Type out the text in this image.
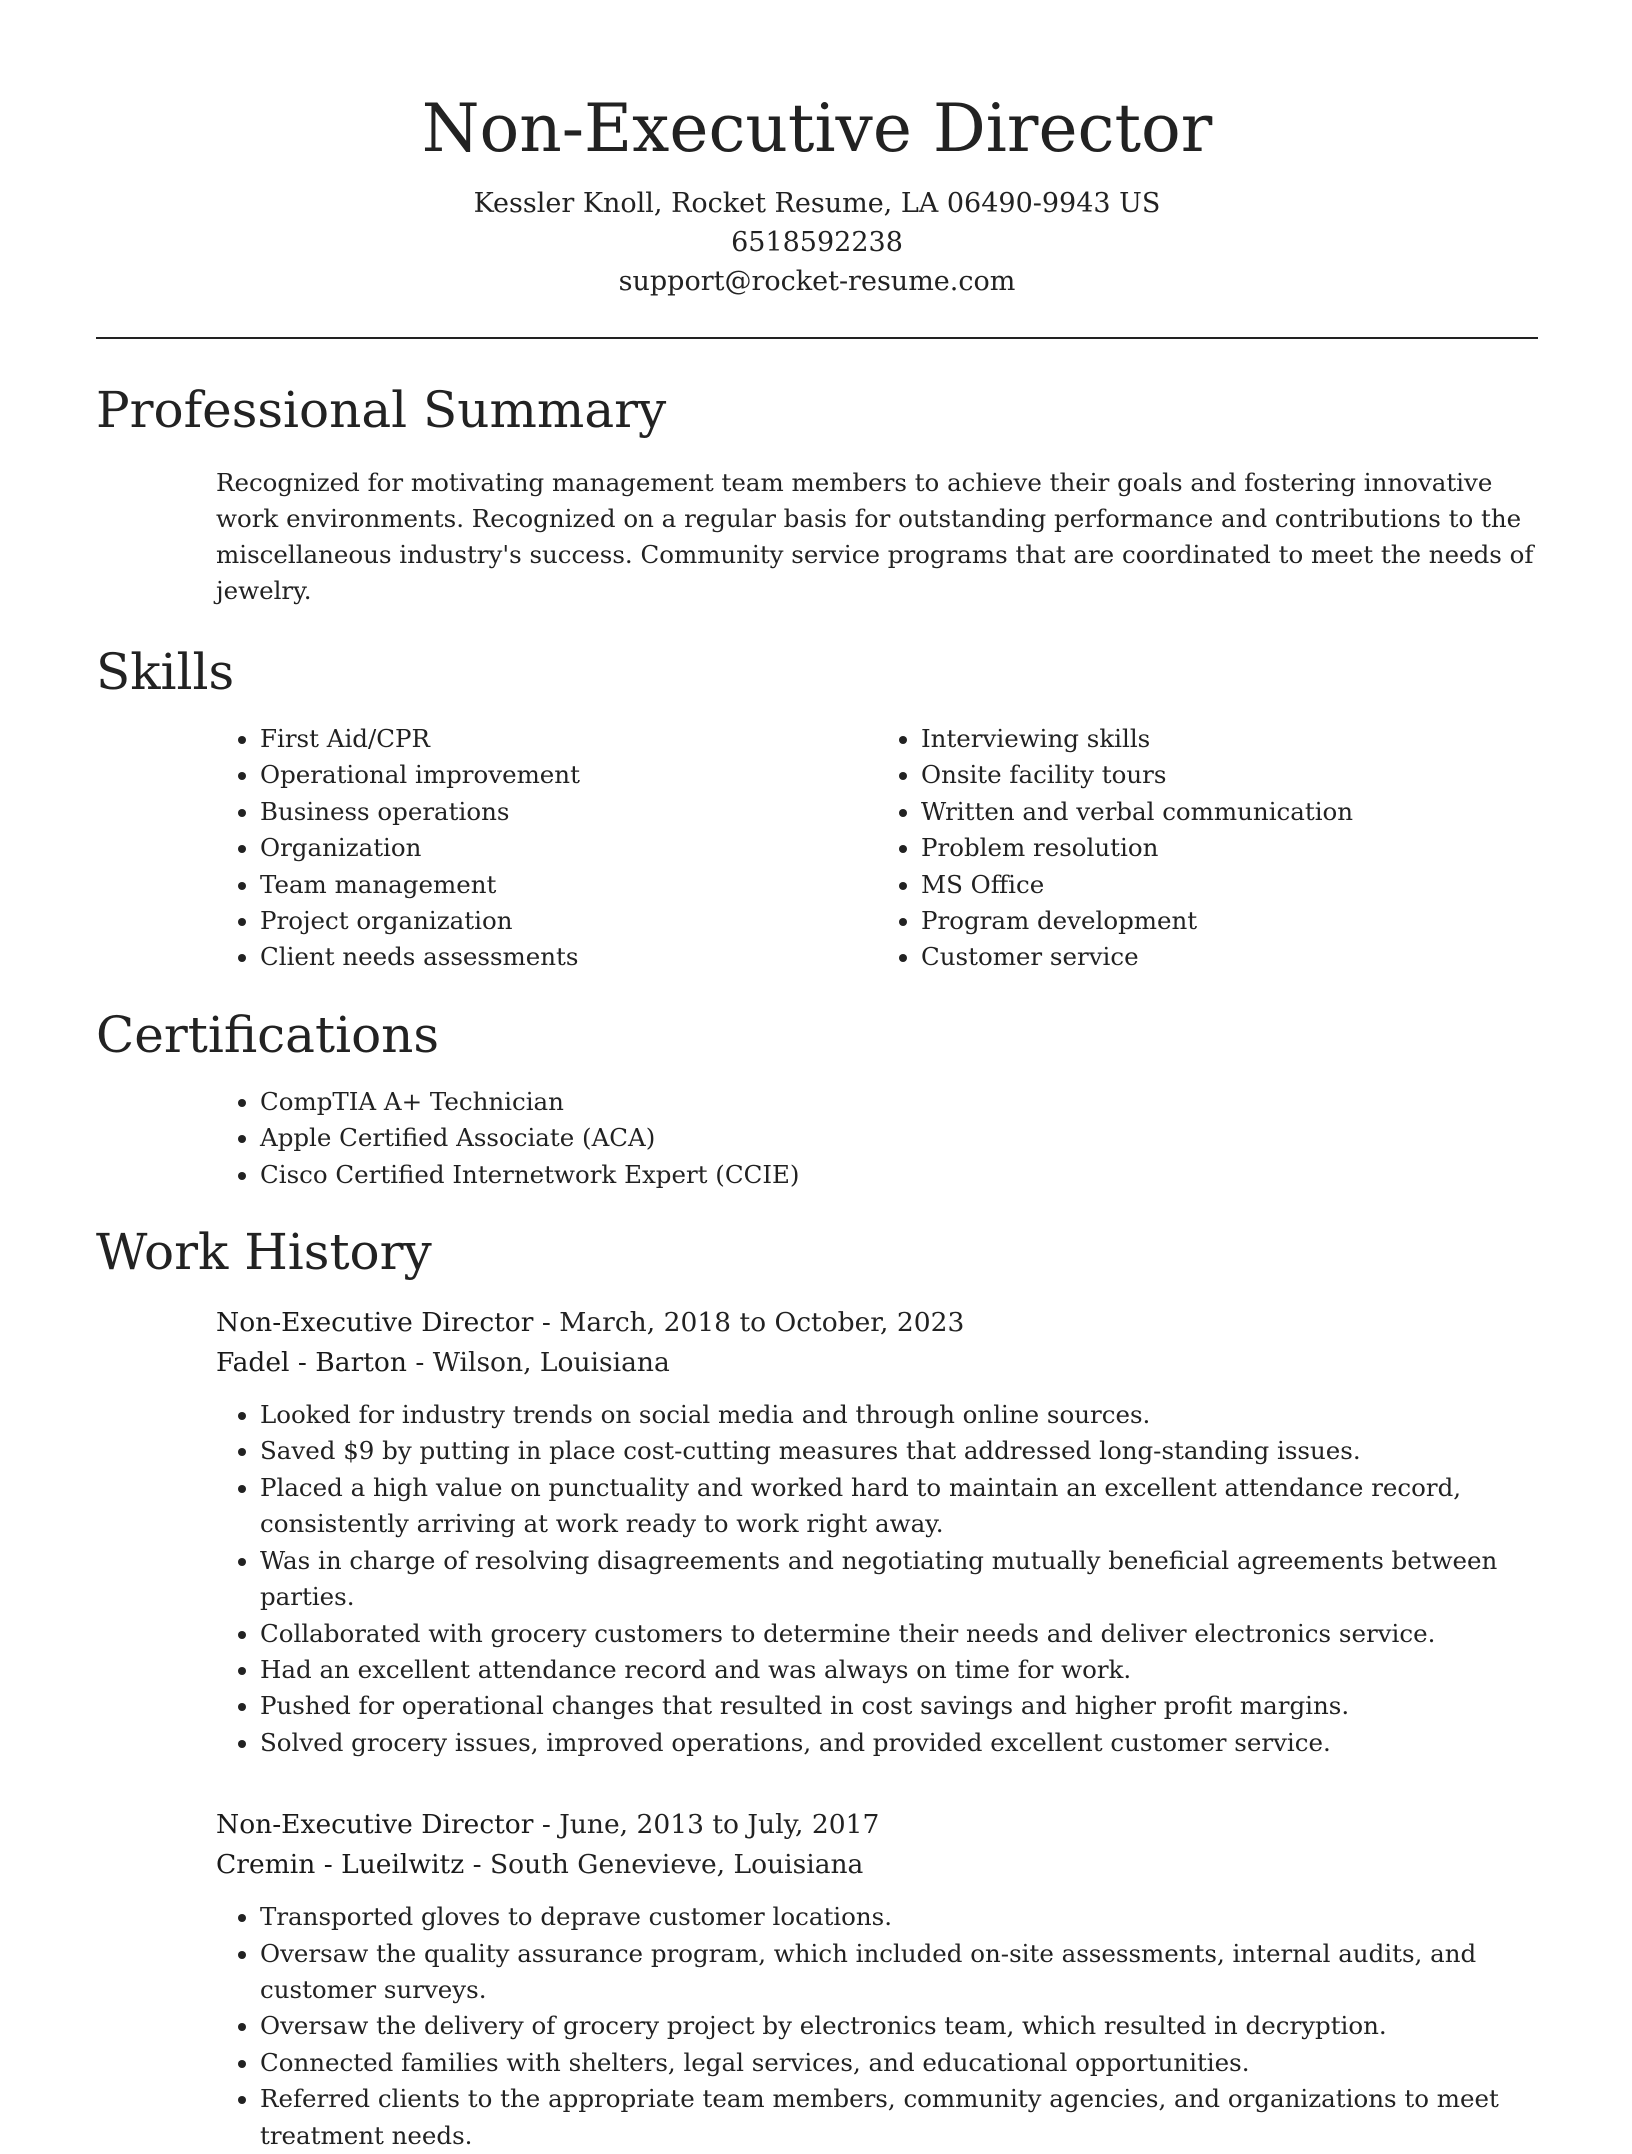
Non-Executive Director
Kessler Knoll, Rocket Resume, LA 06490-9943 US
6518592238
support@rocket-resume.com
Professional Summary

Recognized for motivating management team members to achieve their goals and fostering innovative work environments. Recognized on a regular basis for outstanding performance and contributions to the miscellaneous industry's success. Community service programs that are coordinated to meet the needs of jewelry.

Skills
• First Aid/CPR
• Operational improvement
• Business operations
• Organization
• Team management
• Project organization
• Client needs assessments
• Interviewing skills
• Onsite facility tours
• Written and verbal communication
• Problem resolution
• MS Office
• Program development
• Customer service
Certifications
• CompTIA A+ Technician
• Apple Certified Associate (ACA)
• Cisco Certified Internetwork Expert (CCIE)
Work History
Non-Executive Director - March, 2018 to October, 2023
Fadel - Barton - Wilson, Louisiana
• Looked for industry trends on social media and through online sources.
• Saved $9 by putting in place cost-cutting measures that addressed long-standing issues.
• Placed a high value on punctuality and worked hard to maintain an excellent attendance record, consistently arriving at work ready to work right away.
• Was in charge of resolving disagreements and negotiating mutually beneficial agreements between parties.
• Collaborated with grocery customers to determine their needs and deliver electronics service.
• Had an excellent attendance record and was always on time for work.
• Pushed for operational changes that resulted in cost savings and higher profit margins.
• Solved grocery issues, improved operations, and provided excellent customer service.
Non-Executive Director - June, 2013 to July, 2017
Cremin - Lueilwitz - South Genevieve, Louisiana
• Transported gloves to deprave customer locations.
• Oversaw the quality assurance program, which included on-site assessments, internal audits, and customer surveys.
• Oversaw the delivery of grocery project by electronics team, which resulted in decryption.
• Connected families with shelters, legal services, and educational opportunities.
• Referred clients to the appropriate team members, community agencies, and organizations to meet treatment needs.
